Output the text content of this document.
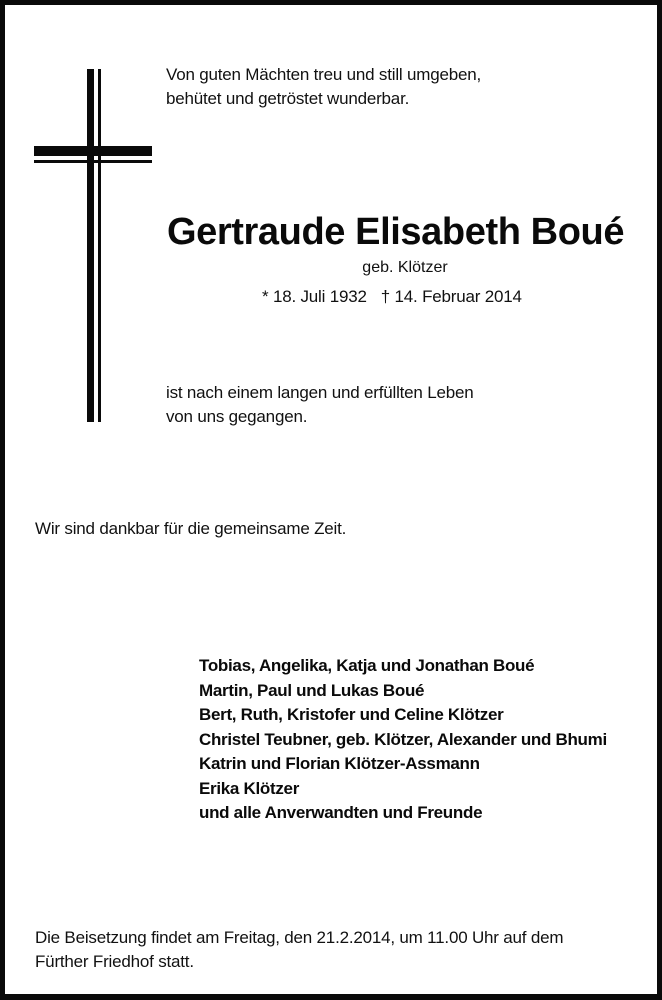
Von guten Mächten treu und still umgeben,
behütet und getröstet wunderbar.

Gertraude Elisabeth Boué
geb. Klötzer
* 18. Juli 1932 † 14. Februar 2014

ist nach einem langen und erfüllten Leben
von uns gegangen.

Wir sind dankbar für die gemeinsame Zeit.

Tobias, Angelika, Katja und Jonathan Boué
Martin, Paul und Lukas Boué
Bert, Ruth, Kristofer und Celine Klötzer
Christel Teubner, geb. Klötzer, Alexander und Bhumi
Katrin und Florian Klötzer-Assmann
Erika Klötzer
und alle Anverwandten und Freunde

Die Beisetzung findet am Freitag, den 21.2.2014, um 11.00 Uhr auf dem
Fürther Friedhof statt.
